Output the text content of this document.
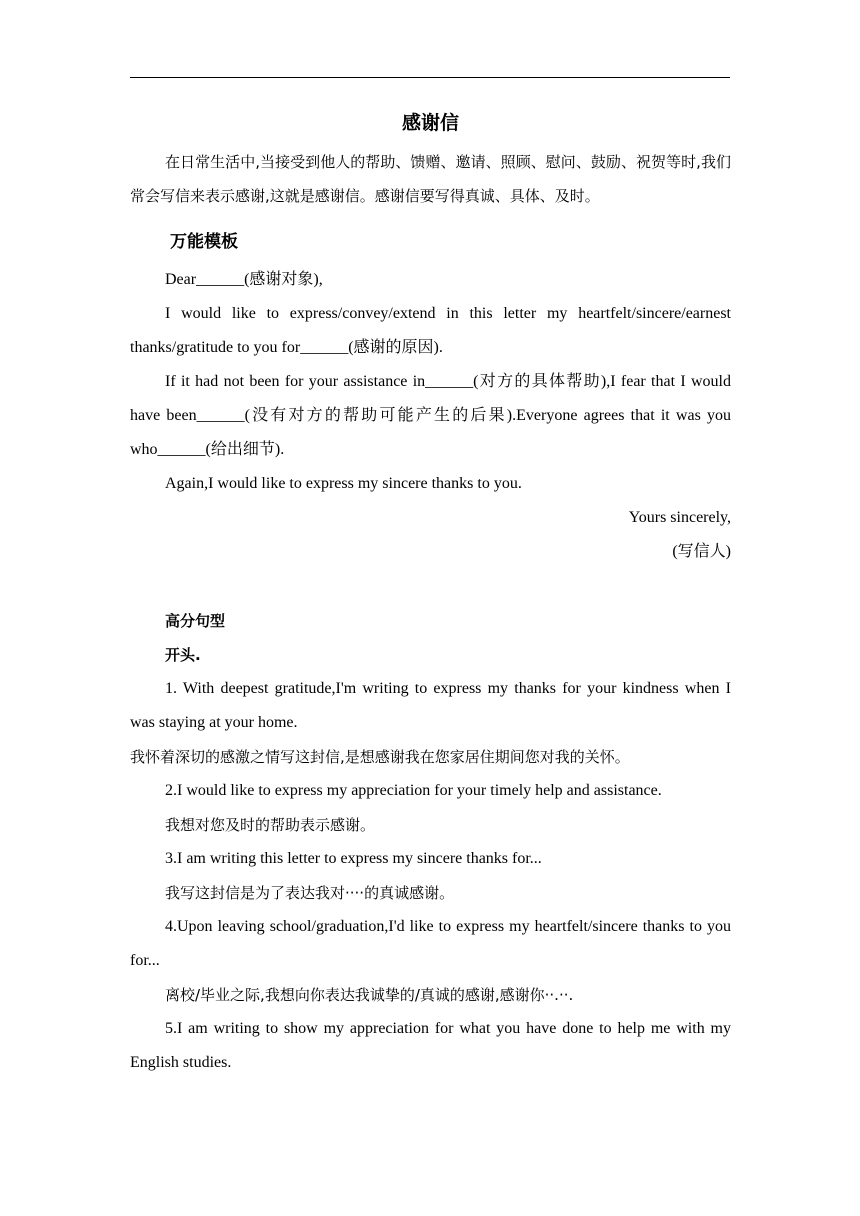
感谢信

在日常生活中,当接受到他人的帮助、馈赠、邀请、照顾、慰问、鼓励、祝贺等时,我们常会写信来表示感谢,这就是感谢信。感谢信要写得真诚、具体、及时。

万能模板

Dear______(感谢对象),

I would like to express/convey/extend in this letter my heartfelt/sincere/earnest thanks/gratitude to you for______(感谢的原因).

If it had not been for your assistance in______(对方的具体帮助),I fear that I would have been______(没有对方的帮助可能产生的后果).Everyone agrees that it was you who______(给出细节).

Again,I would like to express my sincere thanks to you.

Yours sincerely,

(写信人)

高分句型
开头.

1. With deepest gratitude,I'm writing to express my thanks for your kindness when I was staying at your home.

我怀着深切的感激之情写这封信,是想感谢我在您家居住期间您对我的关怀。

2.I would like to express my appreciation for your timely help and assistance.

我想对您及时的帮助表示感谢。

3.I am writing this letter to express my sincere thanks for...

我写这封信是为了表达我对····的真诚感谢。

4.Upon leaving school/graduation,I'd like to express my heartfelt/sincere thanks to you for...

离校/毕业之际,我想向你表达我诚挚的/真诚的感谢,感谢你··.··.

5.I am writing to show my appreciation for what you have done to help me with my English studies.
